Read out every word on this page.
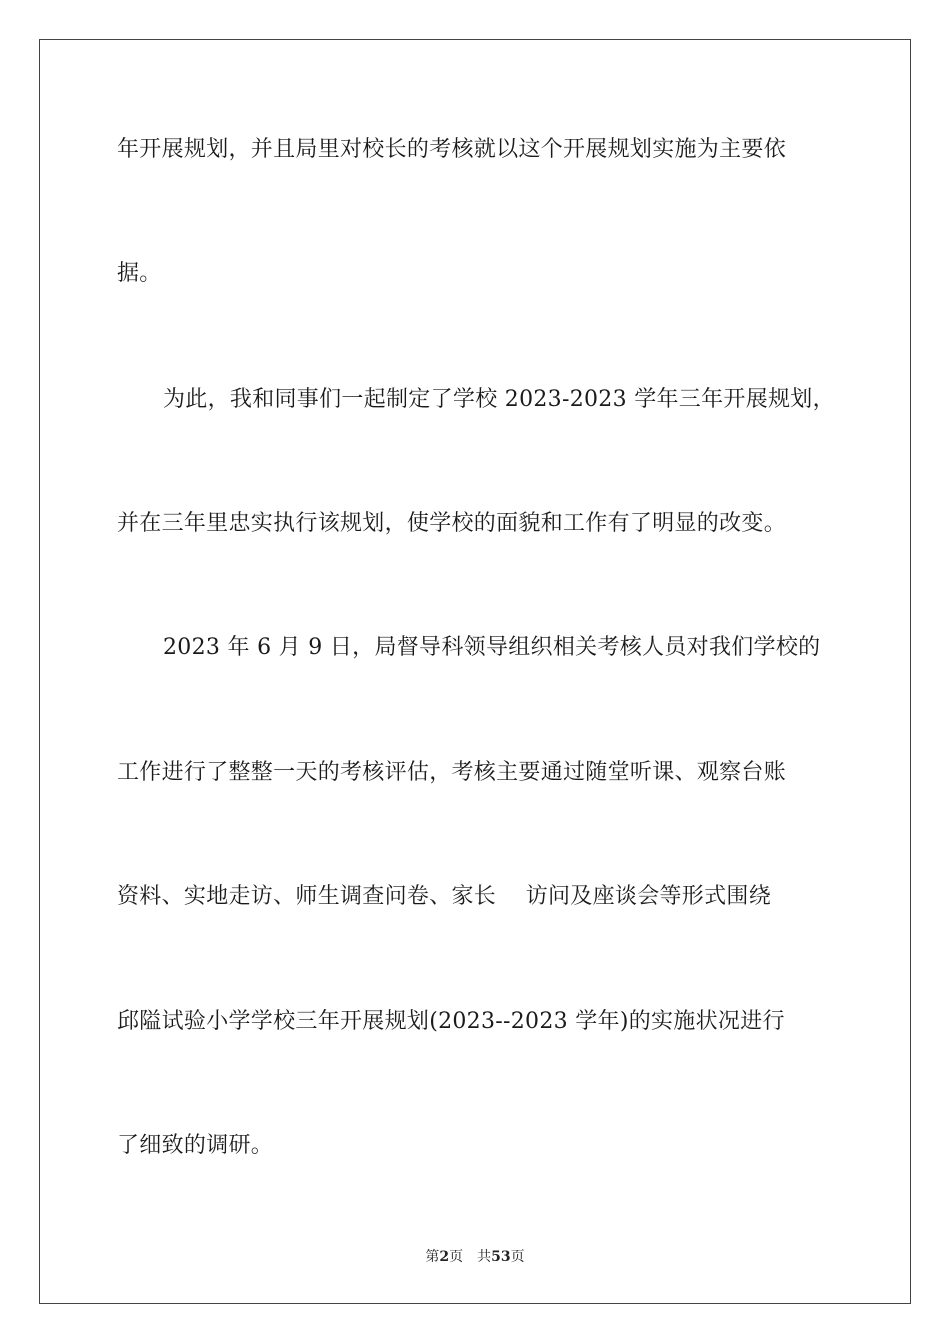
年开展规划，并且局里对校长的考核就以这个开展规划实施为主要依
据。
为此，我和同事们一起制定了学校 2023-2023 学年三年开展规划，
并在三年里忠实执行该规划，使学校的面貌和工作有了明显的改变。
2023 年 6 月 9 日，局督导科领导组织相关考核人员对我们学校的
工作进行了整整一天的考核评估，考核主要通过随堂听课、观察台账
资料、实地走访、师生调查问卷、家长　 访问及座谈会等形式围绕
邱隘试验小学学校三年开展规划(2023--2023 学年)的实施状况进行
了细致的调研。
第2页　共53页
